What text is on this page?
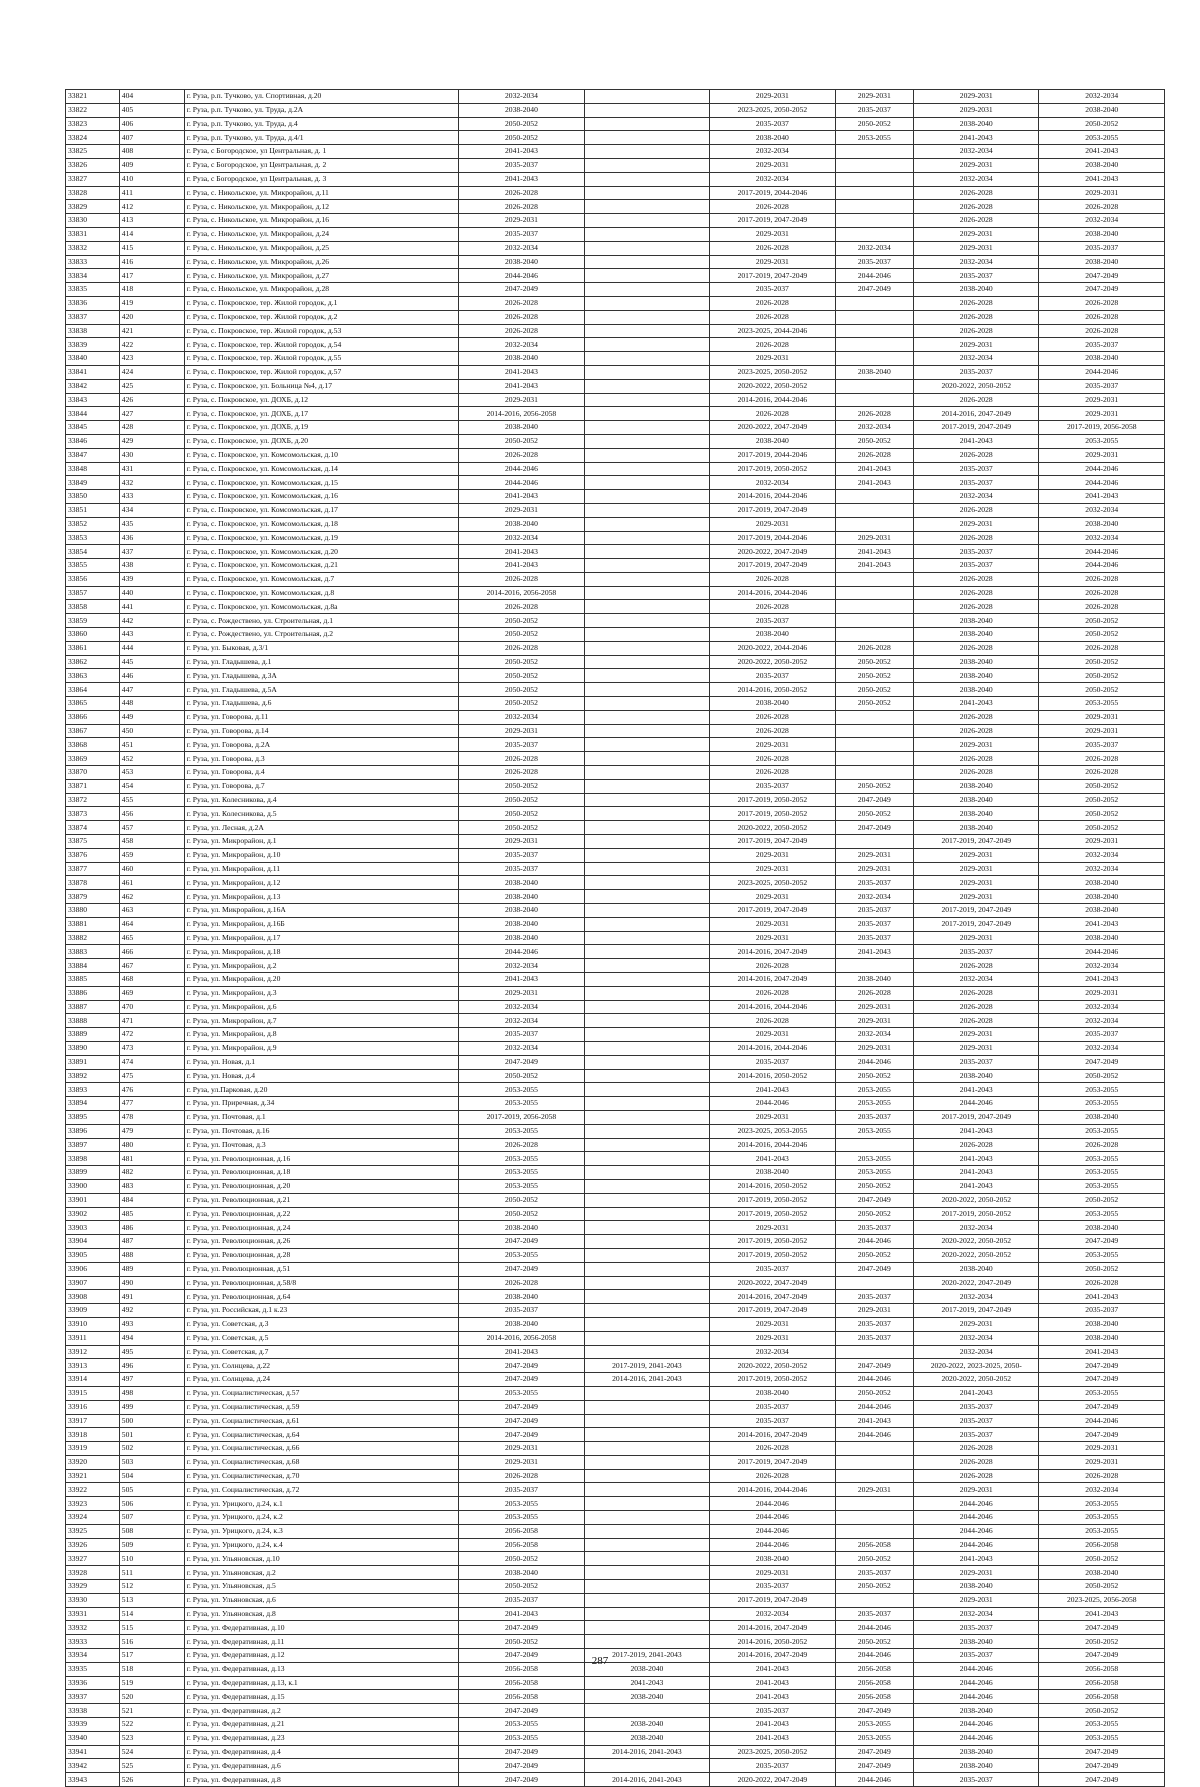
33821	404	г. Руза, р.п. Тучково, ул. Спортивная, д.20	2032-2034		2029-2031	2029-2031	2029-2031	2032-2034
33822	405	г. Руза, р.п. Тучково, ул. Труда, д.2А	2038-2040		2023-2025, 2050-2052	2035-2037	2029-2031	2038-2040
33823	406	г. Руза, р.п. Тучково, ул. Труда, д.4	2050-2052		2035-2037	2050-2052	2038-2040	2050-2052
33824	407	г. Руза, р.п. Тучково, ул. Труда, д.4/1	2050-2052		2038-2040	2053-2055	2041-2043	2053-2055
33825	408	г. Руза, с Богородское, ул Центральная, д. 1	2041-2043		2032-2034		2032-2034	2041-2043
33826	409	г. Руза, с Богородское, ул Центральная, д. 2	2035-2037		2029-2031		2029-2031	2038-2040
33827	410	г. Руза, с Богородское, ул Центральная, д. 3	2041-2043		2032-2034		2032-2034	2041-2043
33828	411	г. Руза, с. Никольское, ул. Микрорайон, д.11	2026-2028		2017-2019, 2044-2046		2026-2028	2029-2031
33829	412	г. Руза, с. Никольское, ул. Микрорайон, д.12	2026-2028		2026-2028		2026-2028	2026-2028
33830	413	г. Руза, с. Никольское, ул. Микрорайон, д.16	2029-2031		2017-2019, 2047-2049		2026-2028	2032-2034
33831	414	г. Руза, с. Никольское, ул. Микрорайон, д.24	2035-2037		2029-2031		2029-2031	2038-2040
33832	415	г. Руза, с. Никольское, ул. Микрорайон, д.25	2032-2034		2026-2028	2032-2034	2029-2031	2035-2037
33833	416	г. Руза, с. Никольское, ул. Микрорайон, д.26	2038-2040		2029-2031	2035-2037	2032-2034	2038-2040
33834	417	г. Руза, с. Никольское, ул. Микрорайон, д.27	2044-2046		2017-2019, 2047-2049	2044-2046	2035-2037	2047-2049
33835	418	г. Руза, с. Никольское, ул. Микрорайон, д.28	2047-2049		2035-2037	2047-2049	2038-2040	2047-2049
33836	419	г. Руза, с. Покровское, тер. Жилой городок, д.1	2026-2028		2026-2028		2026-2028	2026-2028
33837	420	г. Руза, с. Покровское, тер. Жилой городок, д.2	2026-2028		2026-2028		2026-2028	2026-2028
33838	421	г. Руза, с. Покровское, тер. Жилой городок, д.53	2026-2028		2023-2025, 2044-2046		2026-2028	2026-2028
33839	422	г. Руза, с. Покровское, тер. Жилой городок, д.54	2032-2034		2026-2028		2029-2031	2035-2037
33840	423	г. Руза, с. Покровское, тер. Жилой городок, д.55	2038-2040		2029-2031		2032-2034	2038-2040
33841	424	г. Руза, с. Покровское, тер. Жилой городок, д.57	2041-2043		2023-2025, 2050-2052	2038-2040	2035-2037	2044-2046
33842	425	г. Руза, с. Покровское, ул. Больница №4, д.17	2041-2043		2020-2022, 2050-2052		2020-2022, 2050-2052	2035-2037
33843	426	г. Руза, с. Покровское, ул. ДОХБ, д.12	2029-2031		2014-2016, 2044-2046		2026-2028	2029-2031
33844	427	г. Руза, с. Покровское, ул. ДОХБ, д.17	2014-2016, 2056-2058		2026-2028	2026-2028	2014-2016, 2047-2049	2029-2031
33845	428	г. Руза, с. Покровское, ул. ДОХБ, д.19	2038-2040		2020-2022, 2047-2049	2032-2034	2017-2019, 2047-2049	2017-2019, 2056-2058
33846	429	г. Руза, с. Покровское, ул. ДОХБ, д.20	2050-2052		2038-2040	2050-2052	2041-2043	2053-2055
33847	430	г. Руза, с. Покровское, ул. Комсомольская, д.10	2026-2028		2017-2019, 2044-2046	2026-2028	2026-2028	2029-2031
33848	431	г. Руза, с. Покровское, ул. Комсомольская, д.14	2044-2046		2017-2019, 2050-2052	2041-2043	2035-2037	2044-2046
33849	432	г. Руза, с. Покровское, ул. Комсомольская, д.15	2044-2046		2032-2034	2041-2043	2035-2037	2044-2046
33850	433	г. Руза, с. Покровское, ул. Комсомольская, д.16	2041-2043		2014-2016, 2044-2046		2032-2034	2041-2043
33851	434	г. Руза, с. Покровское, ул. Комсомольская, д.17	2029-2031		2017-2019, 2047-2049		2026-2028	2032-2034
33852	435	г. Руза, с. Покровское, ул. Комсомольская, д.18	2038-2040		2029-2031		2029-2031	2038-2040
33853	436	г. Руза, с. Покровское, ул. Комсомольская, д.19	2032-2034		2017-2019, 2044-2046	2029-2031	2026-2028	2032-2034
33854	437	г. Руза, с. Покровское, ул. Комсомольская, д.20	2041-2043		2020-2022, 2047-2049	2041-2043	2035-2037	2044-2046
33855	438	г. Руза, с. Покровское, ул. Комсомольская, д.21	2041-2043		2017-2019, 2047-2049	2041-2043	2035-2037	2044-2046
33856	439	г. Руза, с. Покровское, ул. Комсомольская, д.7	2026-2028		2026-2028		2026-2028	2026-2028
33857	440	г. Руза, с. Покровское, ул. Комсомольская, д.8	2014-2016, 2056-2058		2014-2016, 2044-2046		2026-2028	2026-2028
33858	441	г. Руза, с. Покровское, ул. Комсомольская, д.8а	2026-2028		2026-2028		2026-2028	2026-2028
33859	442	г. Руза, с. Рождествено, ул. Строительная, д.1	2050-2052		2035-2037		2038-2040	2050-2052
33860	443	г. Руза, с. Рождествено, ул. Строительная, д.2	2050-2052		2038-2040		2038-2040	2050-2052
33861	444	г. Руза, ул. Быковая, д.3/1	2026-2028		2020-2022, 2044-2046	2026-2028	2026-2028	2026-2028
33862	445	г. Руза, ул. Гладышева, д.1	2050-2052		2020-2022, 2050-2052	2050-2052	2038-2040	2050-2052
33863	446	г. Руза, ул. Гладышева, д.3А	2050-2052		2035-2037	2050-2052	2038-2040	2050-2052
33864	447	г. Руза, ул. Гладышева, д.5А	2050-2052		2014-2016, 2050-2052	2050-2052	2038-2040	2050-2052
33865	448	г. Руза, ул. Гладышева, д.6	2050-2052		2038-2040	2050-2052	2041-2043	2053-2055
33866	449	г. Руза, ул. Говорова, д.11	2032-2034		2026-2028		2026-2028	2029-2031
33867	450	г. Руза, ул. Говорова, д.14	2029-2031		2026-2028		2026-2028	2029-2031
33868	451	г. Руза, ул. Говорова, д.2А	2035-2037		2029-2031		2029-2031	2035-2037
33869	452	г. Руза, ул. Говорова, д.3	2026-2028		2026-2028		2026-2028	2026-2028
33870	453	г. Руза, ул. Говорова, д.4	2026-2028		2026-2028		2026-2028	2026-2028
33871	454	г. Руза, ул. Говорова, д.7	2050-2052		2035-2037	2050-2052	2038-2040	2050-2052
33872	455	г. Руза, ул. Колесникова, д.4	2050-2052		2017-2019, 2050-2052	2047-2049	2038-2040	2050-2052
33873	456	г. Руза, ул. Колесникова, д.5	2050-2052		2017-2019, 2050-2052	2050-2052	2038-2040	2050-2052
33874	457	г. Руза, ул. Лесная, д.2А	2050-2052		2020-2022, 2050-2052	2047-2049	2038-2040	2050-2052
33875	458	г. Руза, ул. Микрорайон, д.1	2029-2031		2017-2019, 2047-2049		2017-2019, 2047-2049	2029-2031
33876	459	г. Руза, ул. Микрорайон, д.10	2035-2037		2029-2031	2029-2031	2029-2031	2032-2034
33877	460	г. Руза, ул. Микрорайон, д.11	2035-2037		2029-2031	2029-2031	2029-2031	2032-2034
33878	461	г. Руза, ул. Микрорайон, д.12	2038-2040		2023-2025, 2050-2052	2035-2037	2029-2031	2038-2040
33879	462	г. Руза, ул. Микрорайон, д.13	2038-2040		2029-2031	2032-2034	2029-2031	2038-2040
33880	463	г. Руза, ул. Микрорайон, д.16А	2038-2040		2017-2019, 2047-2049	2035-2037	2017-2019, 2047-2049	2038-2040
33881	464	г. Руза, ул. Микрорайон, д.16Б	2038-2040		2029-2031	2035-2037	2017-2019, 2047-2049	2041-2043
33882	465	г. Руза, ул. Микрорайон, д.17	2038-2040		2029-2031	2035-2037	2029-2031	2038-2040
33883	466	г. Руза, ул. Микрорайон, д.18	2044-2046		2014-2016, 2047-2049	2041-2043	2035-2037	2044-2046
33884	467	г. Руза, ул. Микрорайон, д.2	2032-2034		2026-2028		2026-2028	2032-2034
33885	468	г. Руза, ул. Микрорайон, д.20	2041-2043		2014-2016, 2047-2049	2038-2040	2032-2034	2041-2043
33886	469	г. Руза, ул. Микрорайон, д.3	2029-2031		2026-2028	2026-2028	2026-2028	2029-2031
33887	470	г. Руза, ул. Микрорайон, д.6	2032-2034		2014-2016, 2044-2046	2029-2031	2026-2028	2032-2034
33888	471	г. Руза, ул. Микрорайон, д.7	2032-2034		2026-2028	2029-2031	2026-2028	2032-2034
33889	472	г. Руза, ул. Микрорайон, д.8	2035-2037		2029-2031	2032-2034	2029-2031	2035-2037
33890	473	г. Руза, ул. Микрорайон, д.9	2032-2034		2014-2016, 2044-2046	2029-2031	2029-2031	2032-2034
33891	474	г. Руза, ул. Новая, д.1	2047-2049		2035-2037	2044-2046	2035-2037	2047-2049
33892	475	г. Руза, ул. Новая, д.4	2050-2052		2014-2016, 2050-2052	2050-2052	2038-2040	2050-2052
33893	476	г. Руза, ул.Парковая, д.20	2053-2055		2041-2043	2053-2055	2041-2043	2053-2055
33894	477	г. Руза, ул. Приречная, д.34	2053-2055		2044-2046	2053-2055	2044-2046	2053-2055
33895	478	г. Руза, ул. Почтовая, д.1	2017-2019, 2056-2058		2029-2031	2035-2037	2017-2019, 2047-2049	2038-2040
33896	479	г. Руза, ул. Почтовая, д.16	2053-2055		2023-2025, 2053-2055	2053-2055	2041-2043	2053-2055
33897	480	г. Руза, ул. Почтовая, д.3	2026-2028		2014-2016, 2044-2046		2026-2028	2026-2028
33898	481	г. Руза, ул. Революционная, д.16	2053-2055		2041-2043	2053-2055	2041-2043	2053-2055
33899	482	г. Руза, ул. Революционная, д.18	2053-2055		2038-2040	2053-2055	2041-2043	2053-2055
33900	483	г. Руза, ул. Революционная, д.20	2053-2055		2014-2016, 2050-2052	2050-2052	2041-2043	2053-2055
33901	484	г. Руза, ул. Революционная, д.21	2050-2052		2017-2019, 2050-2052	2047-2049	2020-2022, 2050-2052	2050-2052
33902	485	г. Руза, ул. Революционная, д.22	2050-2052		2017-2019, 2050-2052	2050-2052	2017-2019, 2050-2052	2053-2055
33903	486	г. Руза, ул. Революционная, д.24	2038-2040		2029-2031	2035-2037	2032-2034	2038-2040
33904	487	г. Руза, ул. Революционная, д.26	2047-2049		2017-2019, 2050-2052	2044-2046	2020-2022, 2050-2052	2047-2049
33905	488	г. Руза, ул. Революционная, д.28	2053-2055		2017-2019, 2050-2052	2050-2052	2020-2022, 2050-2052	2053-2055
33906	489	г. Руза, ул. Революционная, д.51	2047-2049		2035-2037	2047-2049	2038-2040	2050-2052
33907	490	г. Руза, ул. Революционная, д.58/8	2026-2028		2020-2022, 2047-2049		2020-2022, 2047-2049	2026-2028
33908	491	г. Руза, ул. Революционная, д.64	2038-2040		2014-2016, 2047-2049	2035-2037	2032-2034	2041-2043
33909	492	г. Руза, ул. Российская, д.1 к.23	2035-2037		2017-2019, 2047-2049	2029-2031	2017-2019, 2047-2049	2035-2037
33910	493	г. Руза, ул. Советская, д.3	2038-2040		2029-2031	2035-2037	2029-2031	2038-2040
33911	494	г. Руза, ул. Советская, д.5	2014-2016, 2056-2058		2029-2031	2035-2037	2032-2034	2038-2040
33912	495	г. Руза, ул. Советская, д.7	2041-2043		2032-2034		2032-2034	2041-2043
33913	496	г. Руза, ул. Солнцева, д.22	2047-2049	2017-2019, 2041-2043	2020-2022, 2050-2052	2047-2049	2020-2022, 2023-2025, 2050-	2047-2049
33914	497	г. Руза, ул. Солнцева, д.24	2047-2049	2014-2016, 2041-2043	2017-2019, 2050-2052	2044-2046	2020-2022, 2050-2052	2047-2049
33915	498	г. Руза, ул. Социалистическая, д.57	2053-2055		2038-2040	2050-2052	2041-2043	2053-2055
33916	499	г. Руза, ул. Социалистическая, д.59	2047-2049		2035-2037	2044-2046	2035-2037	2047-2049
33917	500	г. Руза, ул. Социалистическая, д.61	2047-2049		2035-2037	2041-2043	2035-2037	2044-2046
33918	501	г. Руза, ул. Социалистическая, д.64	2047-2049		2014-2016, 2047-2049	2044-2046	2035-2037	2047-2049
33919	502	г. Руза, ул. Социалистическая, д.66	2029-2031		2026-2028		2026-2028	2029-2031
33920	503	г. Руза, ул. Социалистическая, д.68	2029-2031		2017-2019, 2047-2049		2026-2028	2029-2031
33921	504	г. Руза, ул. Социалистическая, д.70	2026-2028		2026-2028		2026-2028	2026-2028
33922	505	г. Руза, ул. Социалистическая, д.72	2035-2037		2014-2016, 2044-2046	2029-2031	2029-2031	2032-2034
33923	506	г. Руза, ул. Урицкого, д.24, к.1	2053-2055		2044-2046		2044-2046	2053-2055
33924	507	г. Руза, ул. Урицкого, д.24, к.2	2053-2055		2044-2046		2044-2046	2053-2055
33925	508	г. Руза, ул. Урицкого, д.24, к.3	2056-2058		2044-2046		2044-2046	2053-2055
33926	509	г. Руза, ул. Урицкого, д.24, к.4	2056-2058		2044-2046	2056-2058	2044-2046	2056-2058
33927	510	г. Руза, ул. Ульяновская, д.10	2050-2052		2038-2040	2050-2052	2041-2043	2050-2052
33928	511	г. Руза, ул. Ульяновская, д.2	2038-2040		2029-2031	2035-2037	2029-2031	2038-2040
33929	512	г. Руза, ул. Ульяновская, д.5	2050-2052		2035-2037	2050-2052	2038-2040	2050-2052
33930	513	г. Руза, ул. Ульяновская, д.6	2035-2037		2017-2019, 2047-2049		2029-2031	2023-2025, 2056-2058
33931	514	г. Руза, ул. Ульяновская, д.8	2041-2043		2032-2034	2035-2037	2032-2034	2041-2043
33932	515	г. Руза, ул. Федеративная, д.10	2047-2049		2014-2016, 2047-2049	2044-2046	2035-2037	2047-2049
33933	516	г. Руза, ул. Федеративная, д.11	2050-2052		2014-2016, 2050-2052	2050-2052	2038-2040	2050-2052
33934	517	г. Руза, ул. Федеративная, д.12	2047-2049	2017-2019, 2041-2043	2014-2016, 2047-2049	2044-2046	2035-2037	2047-2049
33935	518	г. Руза, ул. Федеративная, д.13	2056-2058	2038-2040	2041-2043	2056-2058	2044-2046	2056-2058
33936	519	г. Руза, ул. Федеративная, д.13, к.1	2056-2058	2041-2043	2041-2043	2056-2058	2044-2046	2056-2058
33937	520	г. Руза, ул. Федеративная, д.15	2056-2058	2038-2040	2041-2043	2056-2058	2044-2046	2056-2058
33938	521	г. Руза, ул. Федеративная, д.2	2047-2049		2035-2037	2047-2049	2038-2040	2050-2052
33939	522	г. Руза, ул. Федеративная, д.21	2053-2055	2038-2040	2041-2043	2053-2055	2044-2046	2053-2055
33940	523	г. Руза, ул. Федеративная, д.23	2053-2055	2038-2040	2041-2043	2053-2055	2044-2046	2053-2055
33941	524	г. Руза, ул. Федеративная, д.4	2047-2049	2014-2016, 2041-2043	2023-2025, 2050-2052	2047-2049	2038-2040	2047-2049
33942	525	г. Руза, ул. Федеративная, д.6	2047-2049		2035-2037	2047-2049	2038-2040	2047-2049
33943	526	г. Руза, ул. Федеративная, д.8	2047-2049	2014-2016, 2041-2043	2020-2022, 2047-2049	2044-2046	2035-2037	2047-2049
287
